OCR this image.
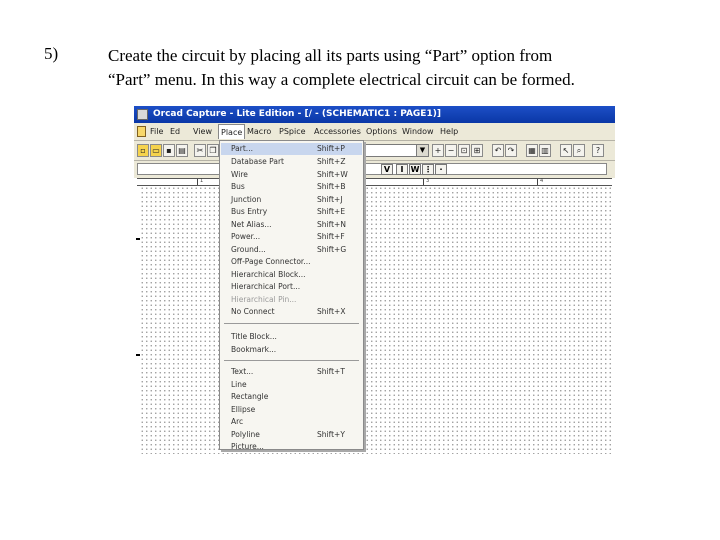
5)	Create the circuit by placing all its parts using “Part” option from
“Part” menu. In this way a complete electrical circuit can be formed.
Orcad Capture - Lite Edition - [/ - (SCHEMATIC1 : PAGE1)]
File Ed View	Place Macro PSpice Accessories Options Window Help
▫ ▭ ▪ ▤	✂ ❐	▼	+ − ⊡ ⊞	↶ ↷	▦ ▥	↖ ⌕	?
V	I W ⋮ ·
1	3	4
Part...	Shift+P
Database Part	Shift+Z
Wire	Shift+W
Bus	Shift+B
Junction	Shift+J
Bus Entry	Shift+E
Net Alias...	Shift+N
Power...	Shift+F
Ground...	Shift+G
Off-Page Connector...
Hierarchical Block...
Hierarchical Port...
Hierarchical Pin...
No Connect	Shift+X
Title Block...
Bookmark...
Text...	Shift+T
Line
Rectangle
Ellipse
Arc
Polyline	Shift+Y
Picture...
